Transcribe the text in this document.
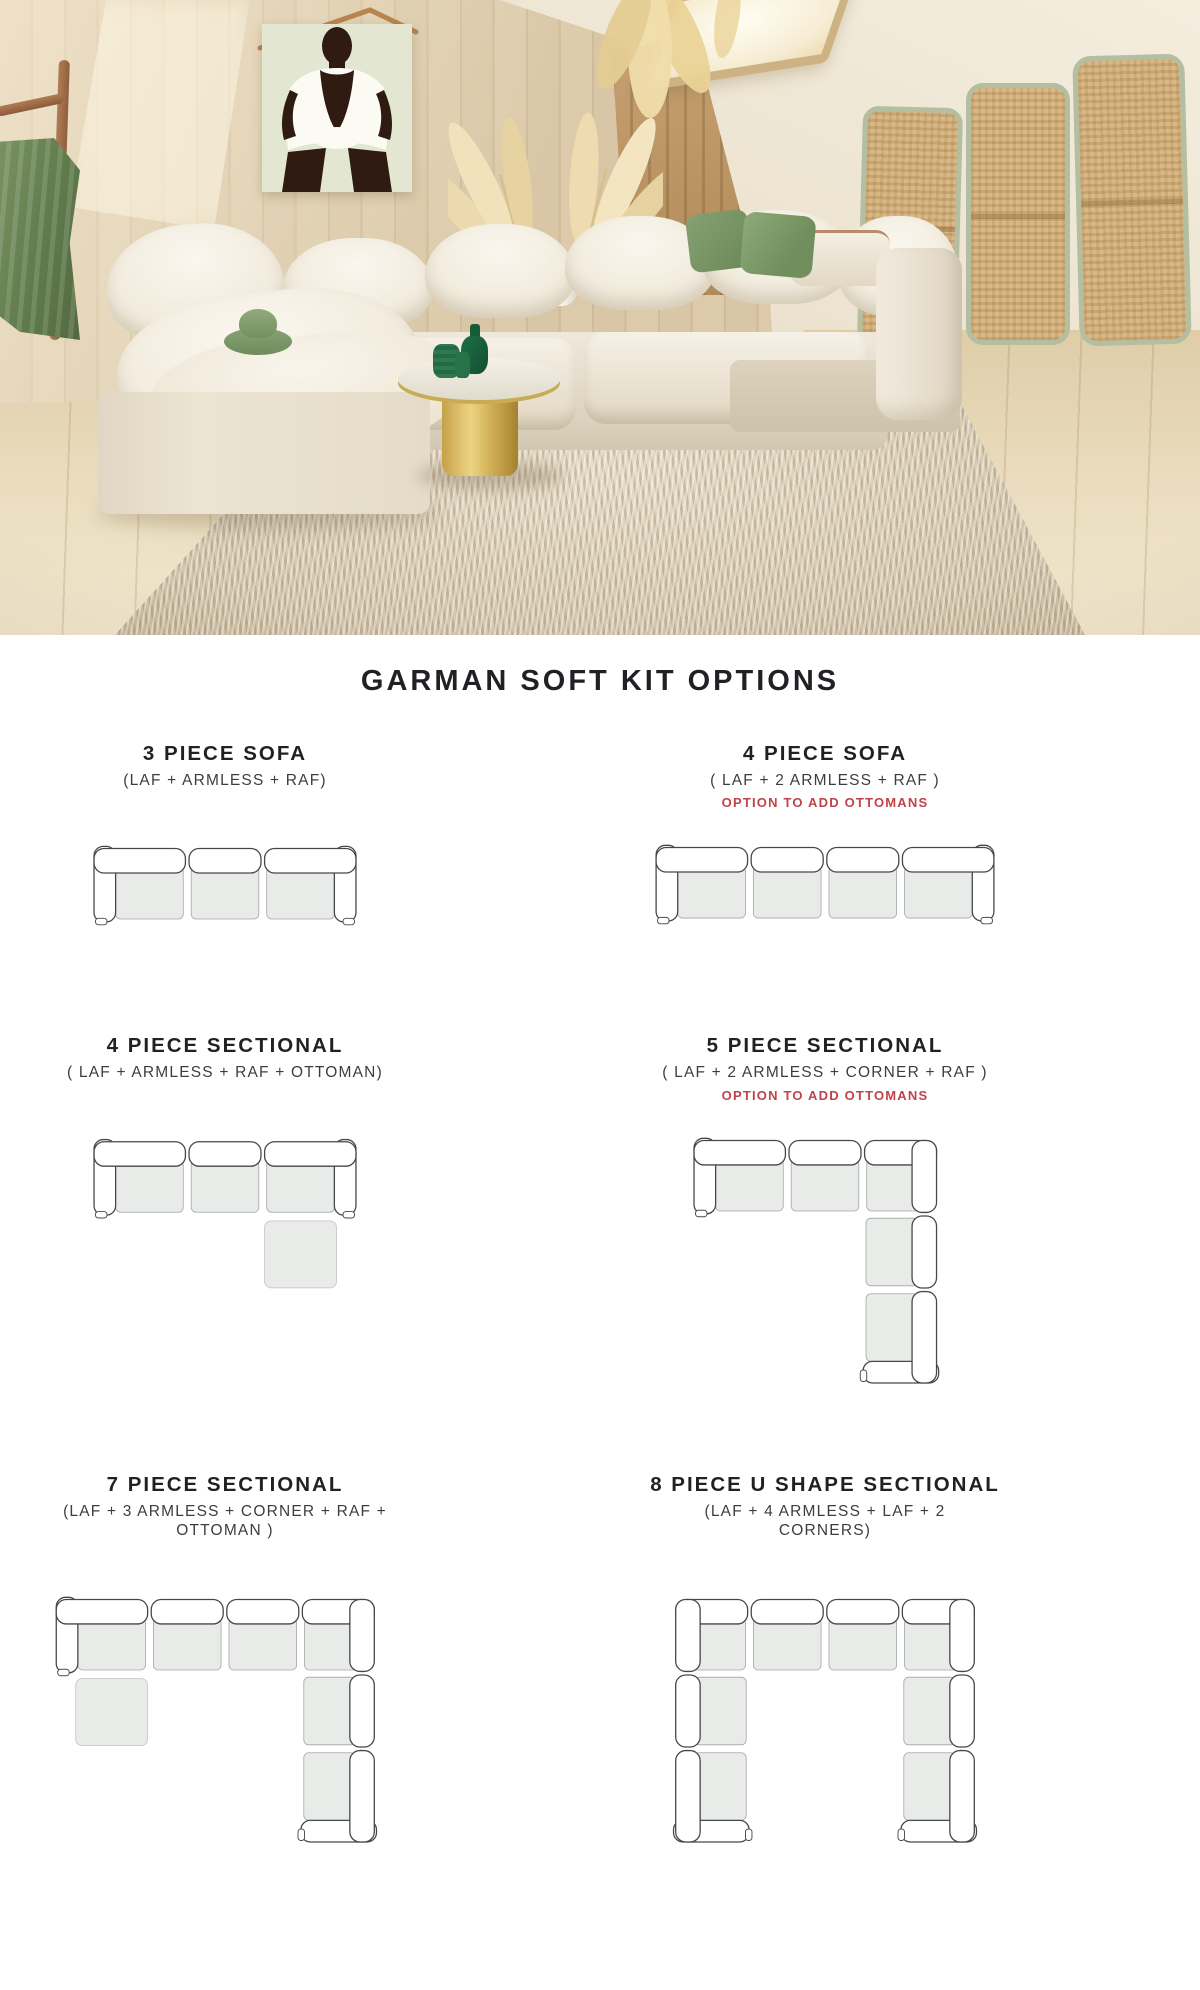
GARMAN SOFT KIT OPTIONS
3 PIECE SOFA
(LAF + ARMLESS + RAF)
4 PIECE SOFA
( LAF + 2 ARMLESS + RAF )
OPTION TO ADD OTTOMANS
4 PIECE SECTIONAL
( LAF + ARMLESS + RAF + OTTOMAN)
5 PIECE SECTIONAL
( LAF + 2 ARMLESS + CORNER + RAF )
OPTION TO ADD OTTOMANS
7 PIECE SECTIONAL
(LAF + 3 ARMLESS + CORNER + RAF + OTTOMAN )
8 PIECE U SHAPE SECTIONAL
(LAF + 4 ARMLESS + LAF + 2 CORNERS)
